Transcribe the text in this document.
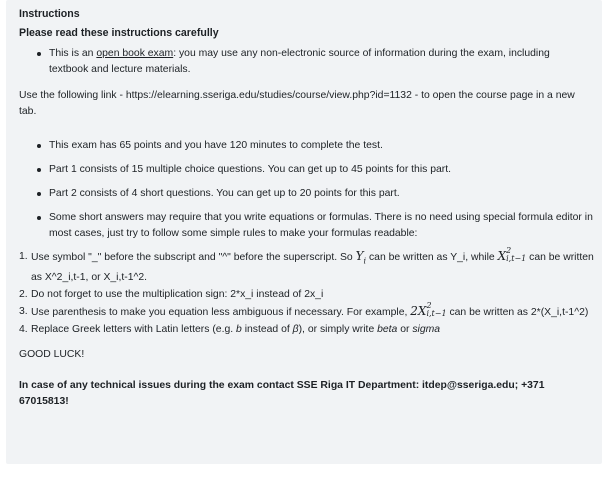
Instructions
Please read these instructions carefully
This is an open book exam: you may use any non-electronic source of information during the exam, including textbook and lecture materials.
Use the following link - https://elearning.sseriga.edu/studies/course/view.php?id=1132 - to open the course page in a new tab.
This exam has 65 points and you have 120 minutes to complete the test.
Part 1 consists of 15 multiple choice questions. You can get up to 45 points for this part.
Part 2 consists of 4 short questions. You can get up to 20 points for this part.
Some short answers may require that you write equations or formulas. There is no need using special formula editor in most cases, just try to follow some simple rules to make your formulas readable:
1. Use symbol "_" before the subscript and "^" before the superscript. So $Y_i$ can be written as Y_i, while X 2
i,t−1 can be written as X^2_i,t-1, or X_i,t-1^2.
2. Do not forget to use the multiplication sign: 2*x_i instead of 2x_i
3. Use parenthesis to make you equation less ambiguous if necessary. For example, 2X 2
i,t−1 can be written as 2*(X_i,t-1^2)
4. Replace Greek letters with Latin letters (e.g. b instead of β), or simply write beta or sigma
GOOD LUCK!
In case of any technical issues during the exam contact SSE Riga IT Department: itdep@sseriga.edu; +371 67015813!
